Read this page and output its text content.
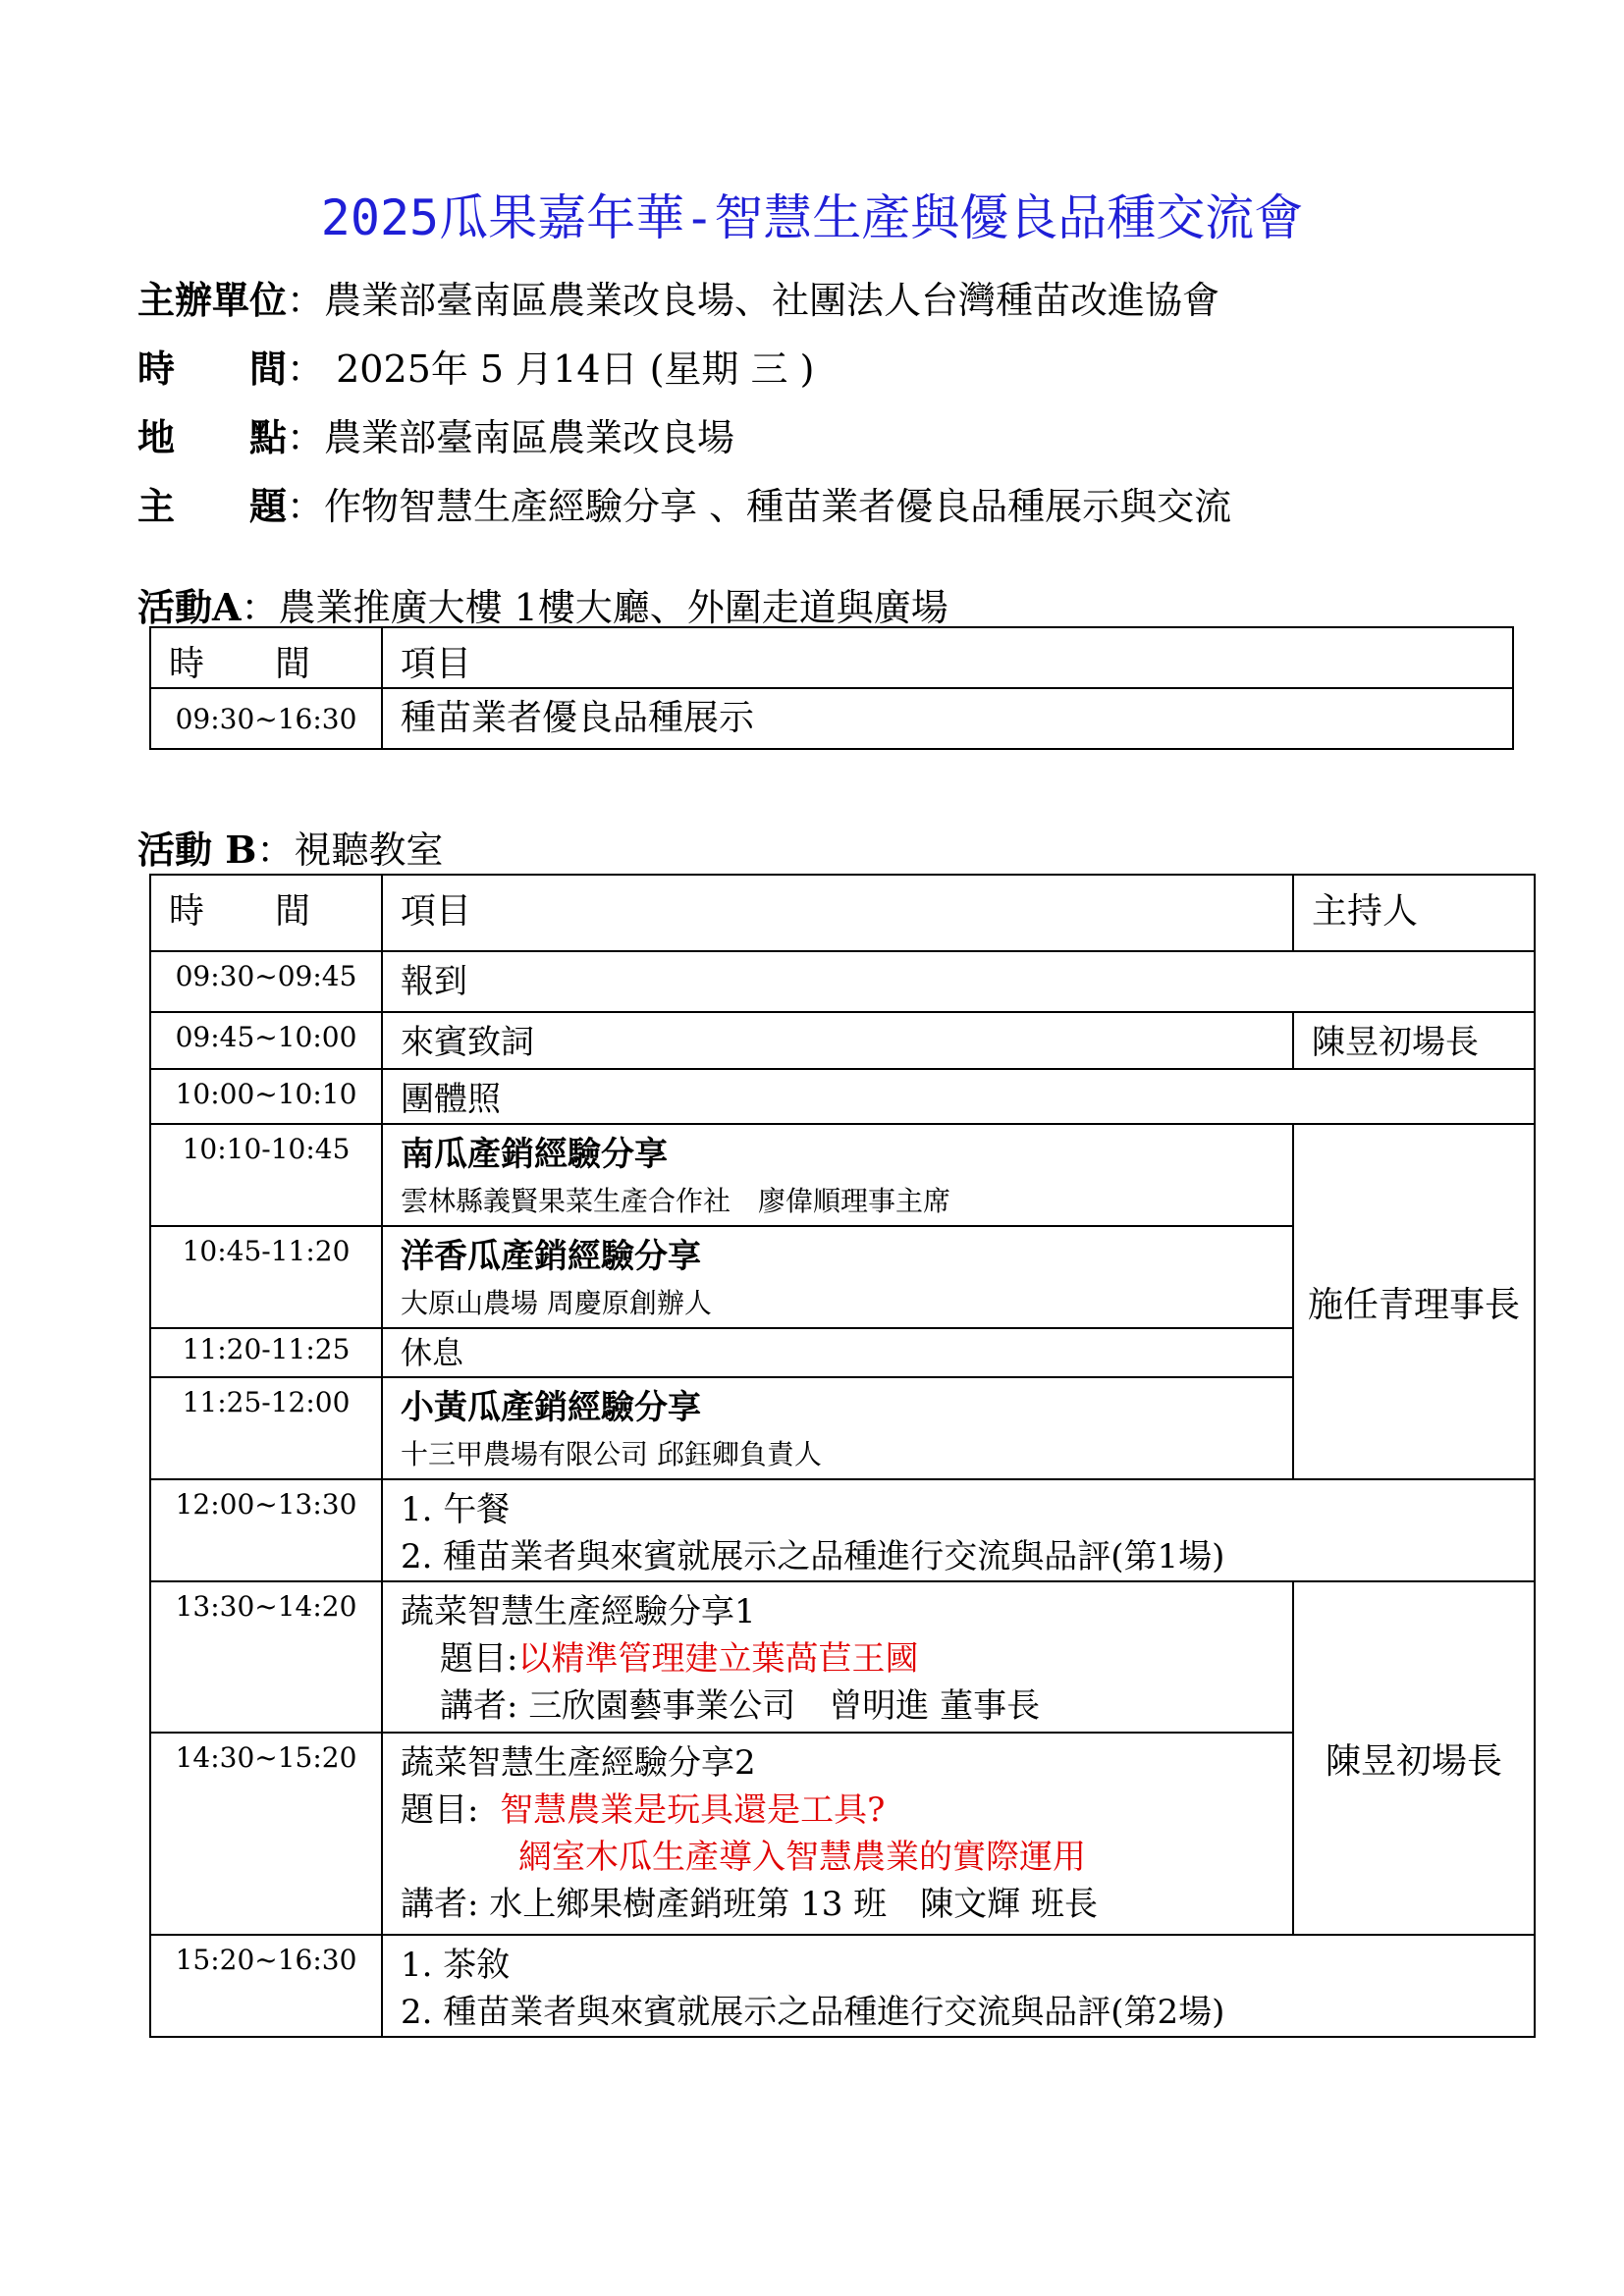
2025瓜果嘉年華-智慧生產與優良品種交流會
主辦單位：農業部臺南區農業改良場、社團法人台灣種苗改進協會
時　　間： 2025年 5 月14日 (星期 三 )
地　　點：農業部臺南區農業改良場
主　　題：作物智慧生產經驗分享 、種苗業者優良品種展示與交流
活動A：農業推廣大樓 1樓大廳、外圍走道與廣場
時　　間	項目
09:30~16:30	種苗業者優良品種展示
活動 B：視聽教室
時　　間	項目	主持人
09:30~09:45	報到	
09:45~10:00	來賓致詞	陳昱初場長
10:00~10:10	團體照	
10:10-10:45	南瓜產銷經驗分享
雲林縣義賢果菜生產合作社　廖偉順理事主席	施任青理事長
10:45-11:20	洋香瓜產銷經驗分享
大原山農場 周慶原創辦人	

11:20-11:25	休息	
11:25-12:00	小黃瓜產銷經驗分享
十三甲農場有限公司 邱鈺卿負責人	

12:00~13:30	1. 午餐
2. 種苗業者與來賓就展示之品種進行交流與品評(第1場)	

13:30~14:20	蔬菜智慧生產經驗分享1
題目:以精準管理建立葉萵苣王國
講者: 三欣園藝事業公司　曾明進 董事長	陳昱初場長
14:30~15:20	蔬菜智慧生產經驗分享2
題目: 智慧農業是玩具還是工具?
網室木瓜生產導入智慧農業的實際運用
講者: 水上鄉果樹產銷班第 13 班　陳文輝 班長	

15:20~16:30	1. 茶敘
2. 種苗業者與來賓就展示之品種進行交流與品評(第2場)	
